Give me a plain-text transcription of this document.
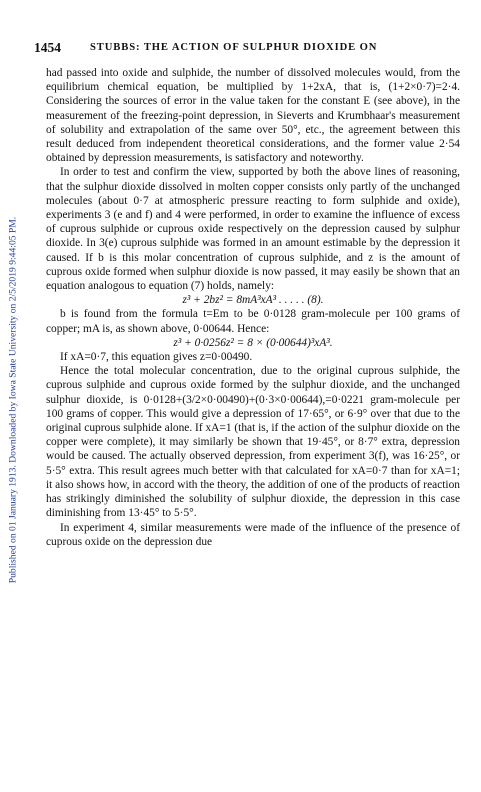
Published on 01 January 1913. Downloaded by Iowa State University on 2/5/2019 9:44:05 PM.
1454	STUBBS: THE ACTION OF SULPHUR DIOXIDE ON

had passed into oxide and sulphide, the number of dissolved molecules would, from the equilibrium chemical equation, be multiplied by 1+2xA, that is, (1+2×0·7)=2·4. Considering the sources of error in the value taken for the constant E (see above), in the measurement of the freezing-point depression, in Sieverts and Krumbhaar's measurement of solubility and extrapolation of the same over 50°, etc., the agreement between this result deduced from independent theoretical considerations, and the former value 2·54 obtained by depression measurements, is satisfactory and noteworthy.

In order to test and confirm the view, supported by both the above lines of reasoning, that the sulphur dioxide dissolved in molten copper consists only partly of the unchanged molecules (about 0·7 at atmospheric pressure reacting to form sulphide and oxide), experiments 3 (e and f) and 4 were performed, in order to examine the influence of excess of cuprous sulphide or cuprous oxide respectively on the depression caused by sulphur dioxide. In 3(e) cuprous sulphide was formed in an amount estimable by the depression it caused. If b is this molar concentration of cuprous sulphide, and z is the amount of cuprous oxide formed when sulphur dioxide is now passed, it may easily be shown that an equation analogous to equation (7) holds, namely:

z³ + 2bz² = 8mA³xA³ . . . . . (8).

b is found from the formula t=Em to be 0·0128 gram-molecule per 100 grams of copper; mA is, as shown above, 0·00644. Hence:

z³ + 0·0256z² = 8 × (0·00644)³xA³.

If xA=0·7, this equation gives z=0·00490.

Hence the total molecular concentration, due to the original cuprous sulphide, the cuprous sulphide and cuprous oxide formed by the sulphur dioxide, and the unchanged sulphur dioxide, is 0·0128+(3/2×0·00490)+(0·3×0·00644),=0·0221 gram-molecule per 100 grams of copper. This would give a depression of 17·65°, or 6·9° over that due to the original cuprous sulphide alone. If xA=1 (that is, if the action of the sulphur dioxide on the copper were complete), it may similarly be shown that 19·45°, or 8·7° extra, depression would be caused. The actually observed depression, from experiment 3(f), was 16·25°, or 5·5° extra. This result agrees much better with that calculated for xA=0·7 than for xA=1; it also shows how, in accord with the theory, the addition of one of the products of reaction has strikingly diminished the solubility of sulphur dioxide, the depression in this case diminishing from 13·45° to 5·5°.

In experiment 4, similar measurements were made of the influence of the presence of cuprous oxide on the depression due
